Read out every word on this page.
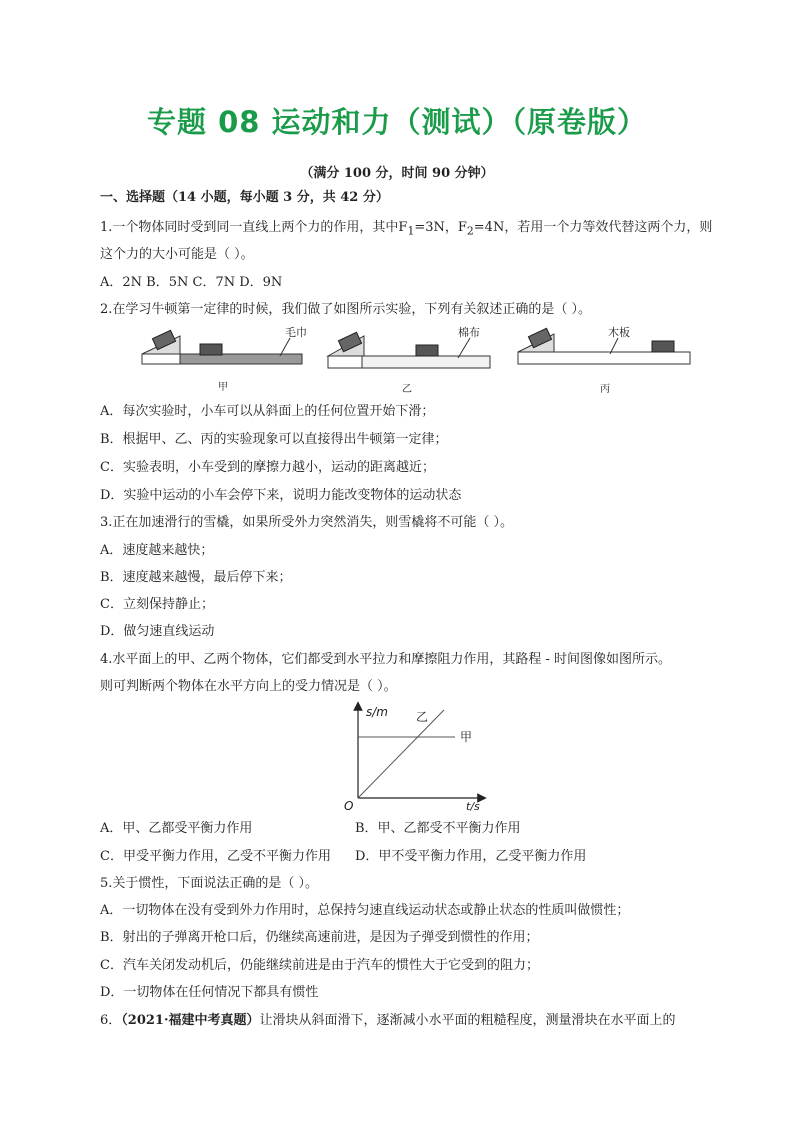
专题 08 运动和力（测试）（原卷版）
（满分 100 分，时间 90 分钟）
一、选择题（14 小题，每小题 3 分，共 42 分）
1.一个物体同时受到同一直线上两个力的作用，其中$F_1=3N$，$F_2=4N$，若用一个力等效代替这两个力，则
这个力的大小可能是（ ）。
A．2N B．5N C．7N D．9N
2.在学习牛顿第一定律的时候，我们做了如图所示实验，下列有关叙述正确的是（ ）。
毛巾
甲
棉布
乙
木板
丙
A．每次实验时，小车可以从斜面上的任何位置开始下滑；
B．根据甲、乙、丙的实验现象可以直接得出牛顿第一定律；
C．实验表明，小车受到的摩擦力越小，运动的距离越近；
D．实验中运动的小车会停下来，说明力能改变物体的运动状态
3.正在加速滑行的雪橇，如果所受外力突然消失，则雪橇将不可能（ ）。
A．速度越来越快；
B．速度越来越慢，最后停下来；
C．立刻保持静止；
D．做匀速直线运动
4.水平面上的甲、乙两个物体，它们都受到水平拉力和摩擦阻力作用，其路程 - 时间图像如图所示。
则可判断两个物体在水平方向上的受力情况是（ ）。
s/m
t/s
O
乙
甲
A．甲、乙都受平衡力作用	B．甲、乙都受不平衡力作用
C．甲受平衡力作用，乙受不平衡力作用	D．甲不受平衡力作用，乙受平衡力作用
5.关于惯性，下面说法正确的是（ ）。
A．一切物体在没有受到外力作用时，总保持匀速直线运动状态或静止状态的性质叫做惯性；
B．射出的子弹离开枪口后，仍继续高速前进，是因为子弹受到惯性的作用；
C．汽车关闭发动机后，仍能继续前进是由于汽车的惯性大于它受到的阻力；
D．一切物体在任何情况下都具有惯性
6．（2021·福建中考真题）让滑块从斜面滑下，逐渐减小水平面的粗糙程度，测量滑块在水平面上的
